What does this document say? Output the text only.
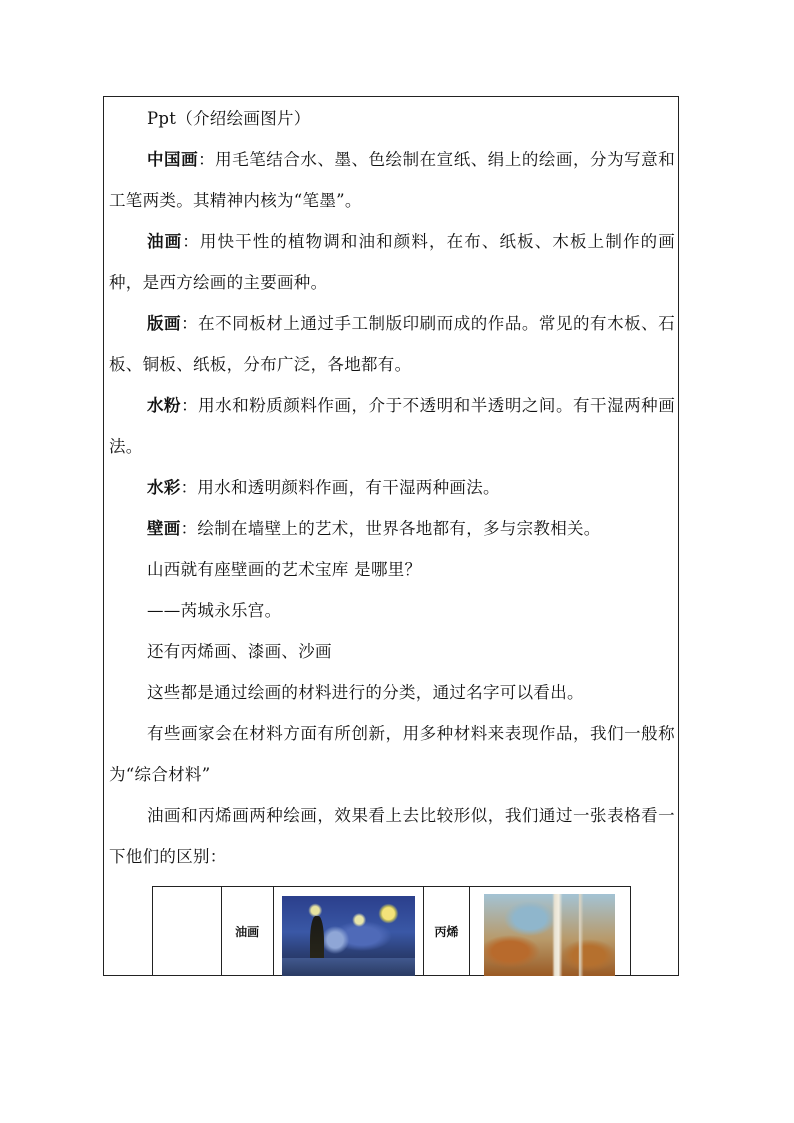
Ppt（介绍绘画图片）

中国画：用毛笔结合水、墨、色绘制在宣纸、绢上的绘画，分为写意和工笔两类。其精神内核为“笔墨”。

油画：用快干性的植物调和油和颜料，在布、纸板、木板上制作的画种，是西方绘画的主要画种。

版画：在不同板材上通过手工制版印刷而成的作品。常见的有木板、石板、铜板、纸板，分布广泛，各地都有。

水粉：用水和粉质颜料作画，介于不透明和半透明之间。有干湿两种画法。

水彩：用水和透明颜料作画，有干湿两种画法。

壁画：绘制在墙壁上的艺术，世界各地都有，多与宗教相关。

山西就有座壁画的艺术宝库 是哪里？

——芮城永乐宫。

还有丙烯画、漆画、沙画

这些都是通过绘画的材料进行的分类，通过名字可以看出。

有些画家会在材料方面有所创新，用多种材料来表现作品，我们一般称为“综合材料”

油画和丙烯画两种绘画，效果看上去比较形似，我们通过一张表格看一下他们的区别：

	油画		丙烯	
